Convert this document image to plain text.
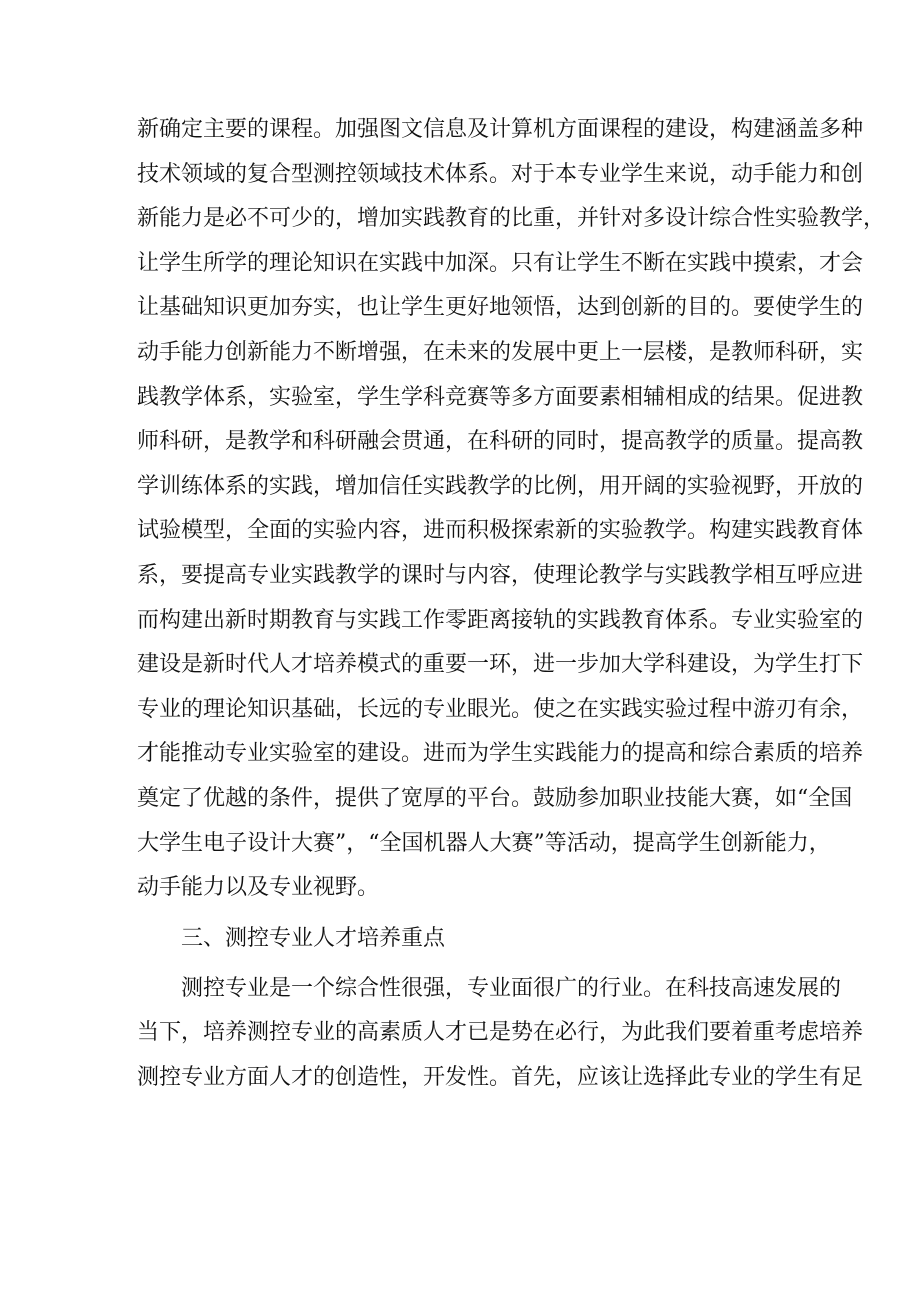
新确定主要的课程。加强图文信息及计算机方面课程的建设，构建涵盖多种
技术领域的复合型测控领域技术体系。对于本专业学生来说，动手能力和创
新能力是必不可少的，增加实践教育的比重，并针对多设计综合性实验教学，
让学生所学的理论知识在实践中加深。只有让学生不断在实践中摸索，才会
让基础知识更加夯实，也让学生更好地领悟，达到创新的目的。要使学生的
动手能力创新能力不断增强，在未来的发展中更上一层楼，是教师科研，实
践教学体系，实验室，学生学科竞赛等多方面要素相辅相成的结果。促进教
师科研，是教学和科研融会贯通，在科研的同时，提高教学的质量。提高教
学训练体系的实践，增加信任实践教学的比例，用开阔的实验视野，开放的
试验模型，全面的实验内容，进而积极探索新的实验教学。构建实践教育体
系，要提高专业实践教学的课时与内容，使理论教学与实践教学相互呼应进
而构建出新时期教育与实践工作零距离接轨的实践教育体系。专业实验室的
建设是新时代人才培养模式的重要一环，进一步加大学科建设，为学生打下
专业的理论知识基础，长远的专业眼光。使之在实践实验过程中游刃有余，
才能推动专业实验室的建设。进而为学生实践能力的提高和综合素质的培养
奠定了优越的条件，提供了宽厚的平台。鼓励参加职业技能大赛，如“全国
大学生电子设计大赛”，“全国机器人大赛”等活动，提高学生创新能力，
动手能力以及专业视野。
三、测控专业人才培养重点
测控专业是一个综合性很强，专业面很广的行业。在科技高速发展的
当下，培养测控专业的高素质人才已是势在必行，为此我们要着重考虑培养
测控专业方面人才的创造性，开发性。首先，应该让选择此专业的学生有足
